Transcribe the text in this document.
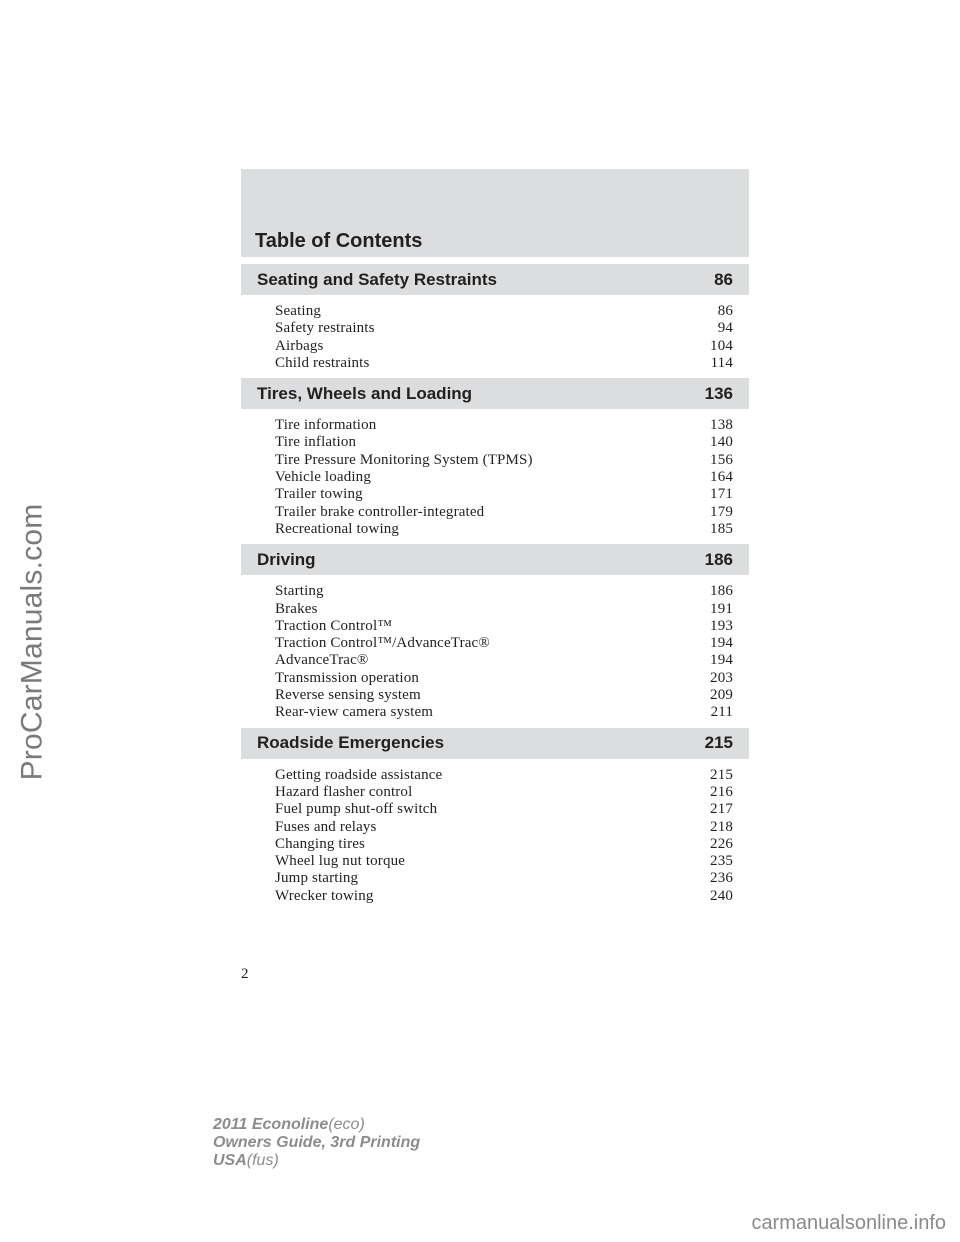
ProCarManuals.com
Table of Contents
Seating and Safety Restraints	86
Seating	86
Safety restraints	94
Airbags	104
Child restraints	114
Tires, Wheels and Loading	136
Tire information	138
Tire inflation	140
Tire Pressure Monitoring System (TPMS)	156
Vehicle loading	164
Trailer towing	171
Trailer brake controller-integrated	179
Recreational towing	185
Driving	186
Starting	186
Brakes	191
Traction Control™	193
Traction Control™/AdvanceTrac®	194
AdvanceTrac®	194
Transmission operation	203
Reverse sensing system	209
Rear-view camera system	211
Roadside Emergencies	215
Getting roadside assistance	215
Hazard flasher control	216
Fuel pump shut-off switch	217
Fuses and relays	218
Changing tires	226
Wheel lug nut torque	235
Jump starting	236
Wrecker towing	240
2
2011 Econoline(eco)
Owners Guide, 3rd Printing
USA(fus)
carmanualsonline.info
